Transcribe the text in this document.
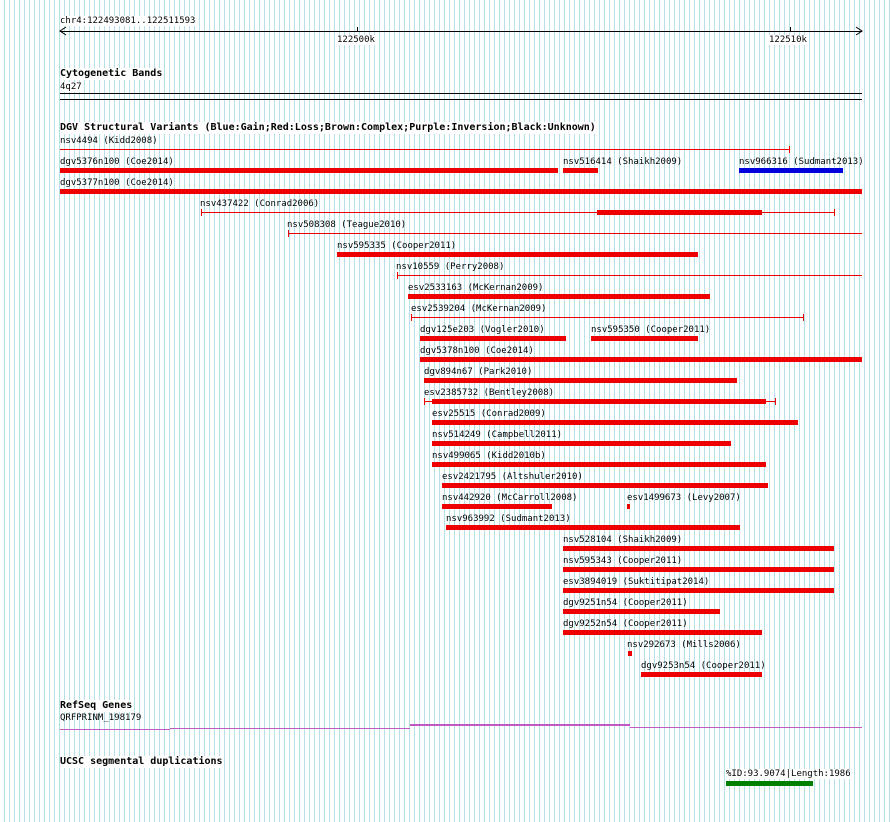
chr4:122493081..122511593
122500k	122510k
Cytogenetic Bands
4q27
DGV Structural Variants (Blue:Gain;Red:Loss;Brown:Complex;Purple:Inversion;Black:Unknown)
nsv4494 (Kidd2008)
dgv5376n100 (Coe2014)	nsv516414 (Shaikh2009)	nsv966316 (Sudmant2013)
dgv5377n100 (Coe2014)
nsv437422 (Conrad2006)
nsv508308 (Teague2010)
nsv595335 (Cooper2011)
nsv10559 (Perry2008)
esv2533163 (McKernan2009)
esv2539204 (McKernan2009)
dgv125e203 (Vogler2010)	nsv595350 (Cooper2011)
dgv5378n100 (Coe2014)
dgv894n67 (Park2010)
esv2385732 (Bentley2008)
esv25515 (Conrad2009)
nsv514249 (Campbell2011)
nsv499065 (Kidd2010b)
esv2421795 (Altshuler2010)
nsv442920 (McCarroll2008)	esv1499673 (Levy2007)
nsv963992 (Sudmant2013)
nsv528104 (Shaikh2009)
nsv595343 (Cooper2011)
esv3894019 (Suktitipat2014)
dgv9251n54 (Cooper2011)
dgv9252n54 (Cooper2011)
nsv292673 (Mills2006)
dgv9253n54 (Cooper2011)
RefSeq Genes
QRFPRINM_198179
UCSC segmental duplications
%ID:93.9074|Length:1986
